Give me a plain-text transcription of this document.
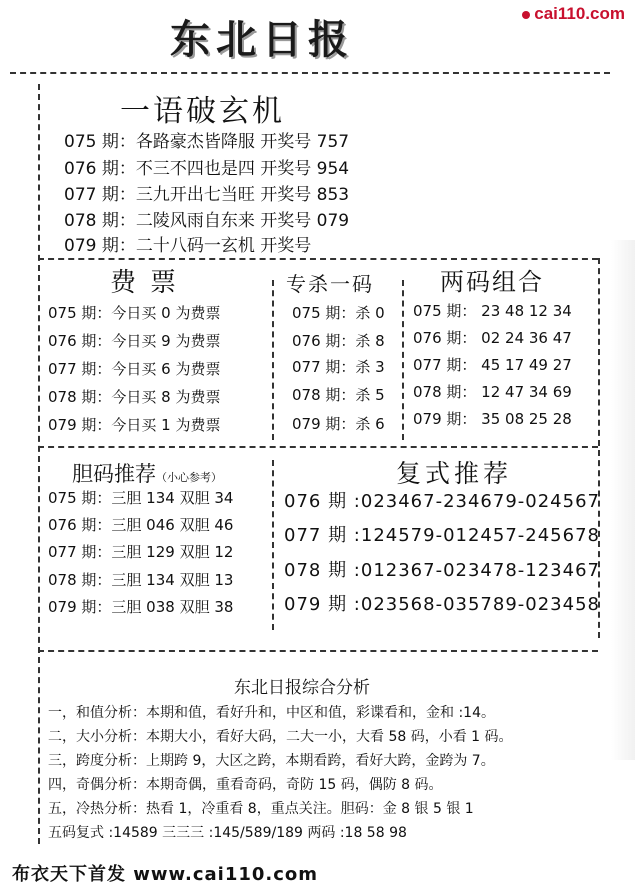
东北日报
cai110.com
一语破玄机
075 期：各路豪杰皆降服 开奖号 757
076 期：不三不四也是四 开奖号 954
077 期：三九开出七当旺 开奖号 853
078 期：二陵风雨自东来 开奖号 079
079 期：二十八码一玄机 开奖号
费票
075 期：今日买 0 为费票
076 期：今日买 9 为费票
077 期：今日买 6 为费票
078 期：今日买 8 为费票
079 期：今日买 1 为费票
专杀一码
075 期：杀 0
076 期：杀 8
077 期：杀 3
078 期：杀 5
079 期：杀 6
两码组合
075 期： 23 48 12 34
076 期： 02 24 36 47
077 期： 45 17 49 27
078 期： 12 47 34 69
079 期： 35 08 25 28
胆码推荐（小心参考）
075 期：三胆 134 双胆 34
076 期：三胆 046 双胆 46
077 期：三胆 129 双胆 12
078 期：三胆 134 双胆 13
079 期：三胆 038 双胆 38
复式推荐
076 期 :023467-234679-024567
077 期 :124579-012457-245678
078 期 :012367-023478-123467
079 期 :023568-035789-023458
东北日报综合分析
一，和值分析：本期和值，看好升和，中区和值，彩谍看和，金和 :14。
二，大小分析：本期大小，看好大码，二大一小，大看 58 码，小看 1 码。
三，跨度分析：上期跨 9，大区之跨，本期看跨，看好大跨，金跨为 7。
四，奇偶分析：本期奇偶，重看奇码，奇防 15 码，偶防 8 码。
五，冷热分析：热看 1，冷重看 8，重点关注。胆码：金 8 银 5 银 1
五码复式 :14589 三三三 :145/589/189 两码 :18 58 98
布衣天下首发 www.cai110.com
